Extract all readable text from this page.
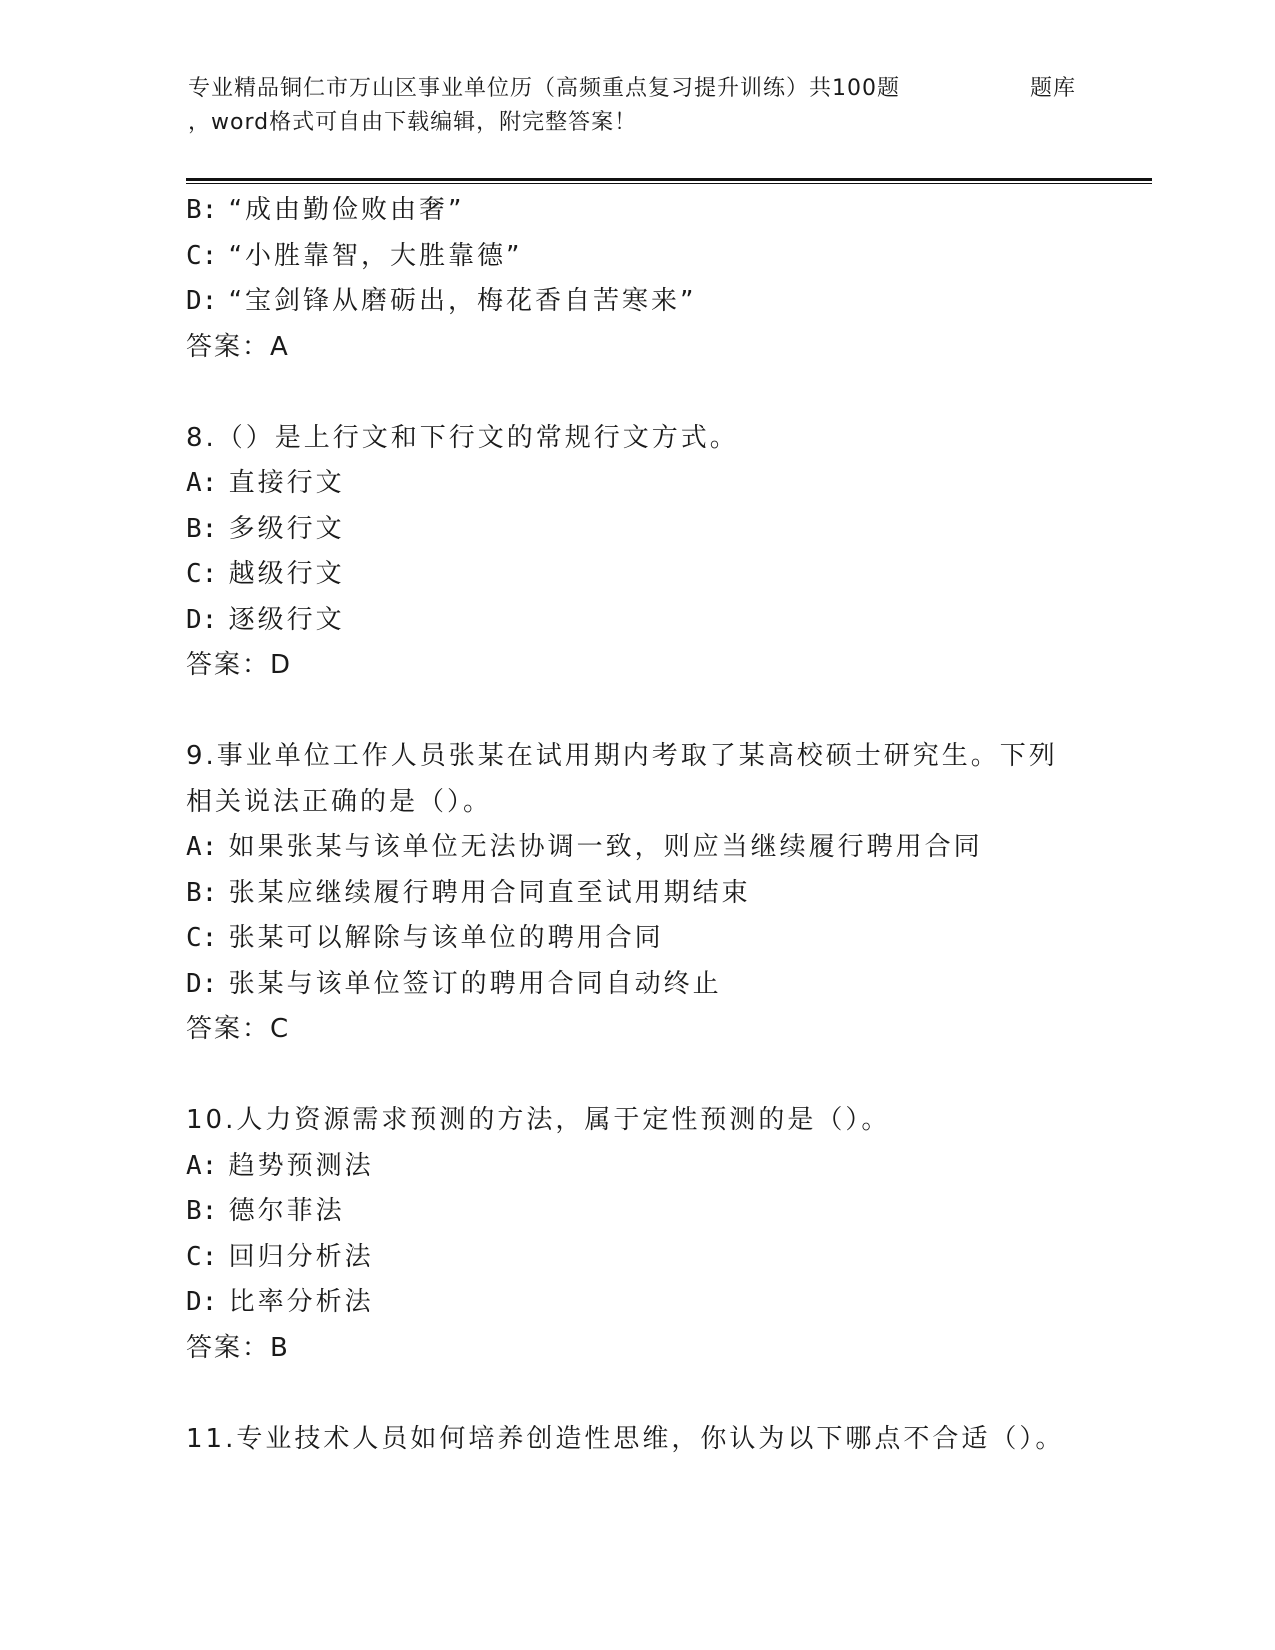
专业精品铜仁市万山区事业单位历（高频重点复习提升训练）共100题
，word格式可自由下载编辑，附完整答案！
题库
B: “成由勤俭败由奢”
C: “小胜靠智，大胜靠德”
D: “宝剑锋从磨砺出，梅花香自苦寒来”
答案：A
8.（）是上行文和下行文的常规行文方式。
A: 直接行文
B: 多级行文
C: 越级行文
D: 逐级行文
答案：D
9.事业单位工作人员张某在试用期内考取了某高校硕士研究生。下列
相关说法正确的是（）。
A: 如果张某与该单位无法协调一致，则应当继续履行聘用合同
B: 张某应继续履行聘用合同直至试用期结束
C: 张某可以解除与该单位的聘用合同
D: 张某与该单位签订的聘用合同自动终止
答案：C
10.人力资源需求预测的方法，属于定性预测的是（）。
A: 趋势预测法
B: 德尔菲法
C: 回归分析法
D: 比率分析法
答案：B
11.专业技术人员如何培养创造性思维，你认为以下哪点不合适（）。
